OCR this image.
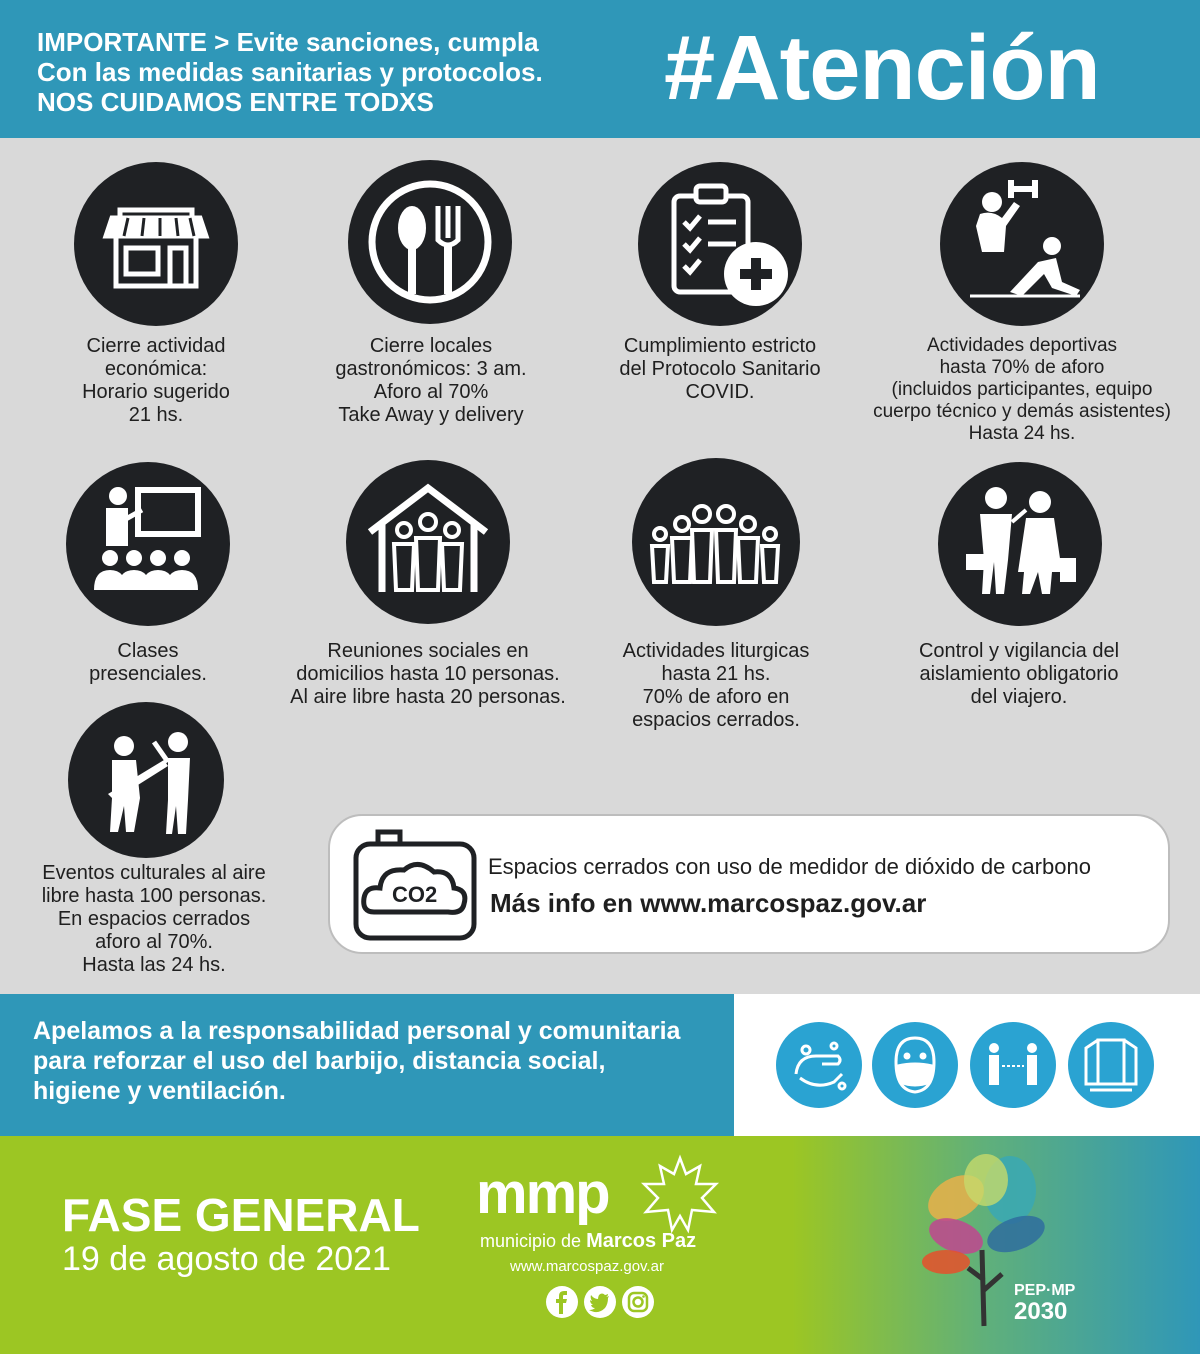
IMPORTANTE > Evite sanciones, cumpla
Con las medidas sanitarias y protocolos.
NOS CUIDAMOS ENTRE TODXS	#Atención
Cierre actividad
económica:
Horario sugerido
21 hs.
Cierre locales
gastronómicos: 3 am.
Aforo al 70%
Take Away y delivery
Cumplimiento estricto
del Protocolo Sanitario
COVID.
Actividades deportivas
hasta 70% de aforo
(incluidos participantes, equipo
cuerpo técnico y demás asistentes)
Hasta 24 hs.
Clases
presenciales.
Reuniones sociales en
domicilios hasta 10 personas.
Al aire libre hasta 20 personas.
Actividades liturgicas
hasta 21 hs.
70% de aforo en
espacios cerrados.
Control y vigilancia del
aislamiento obligatorio
del viajero.
Eventos culturales al aire
libre hasta 100 personas.
En espacios cerrados
aforo al 70%.
Hasta las 24 hs.
CO2
Espacios cerrados con uso de medidor de dióxido de carbono
Más info en www.marcospaz.gov.ar
Apelamos a la responsabilidad personal y comunitaria
para reforzar el uso del barbijo, distancia social,
higiene y ventilación.
FASE GENERAL
19 de agosto de 2021
mmp
municipio de Marcos Paz
www.marcospaz.gov.ar
PEP·MP
2030
